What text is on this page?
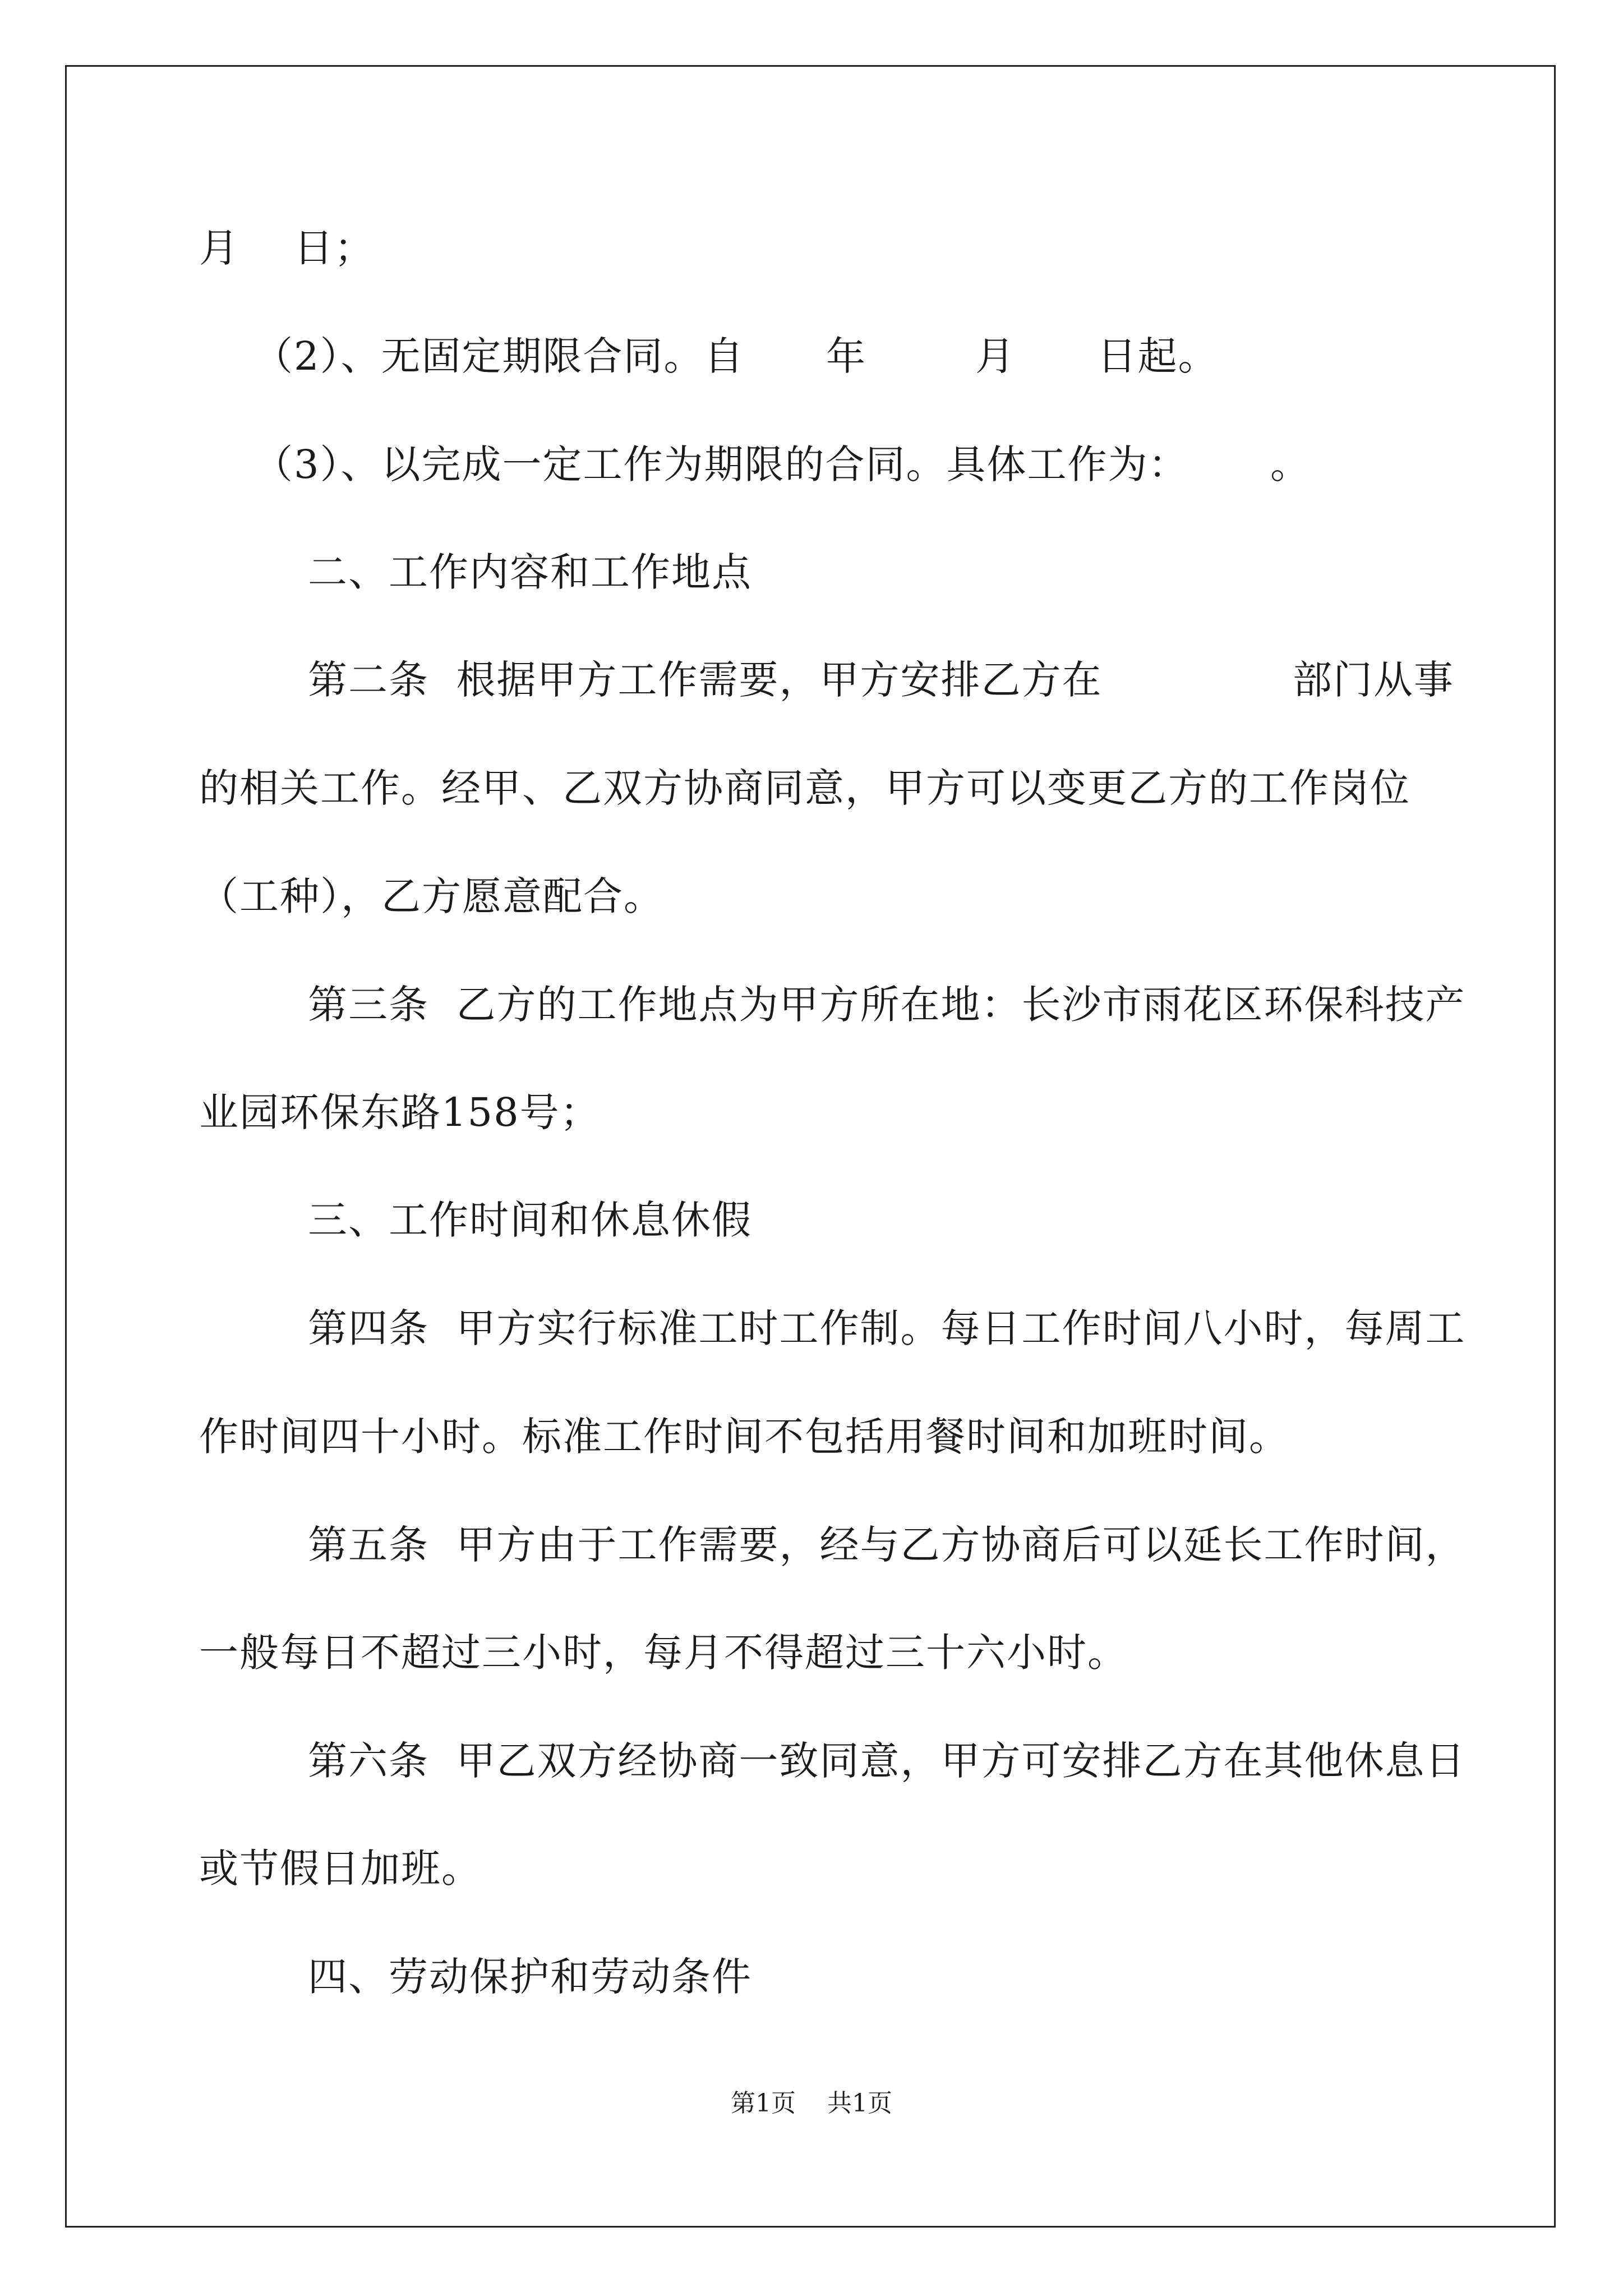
月    日；
（2）、无固定期限合同。自      年        月      日起。
（3）、以完成一定工作为期限的合同。具体工作为：      。
二、工作内容和工作地点
第二条  根据甲方工作需要，甲方安排乙方在              部门从事
的相关工作。经甲、乙双方协商同意，甲方可以变更乙方的工作岗位
（工种），乙方愿意配合。
第三条  乙方的工作地点为甲方所在地：长沙市雨花区环保科技产
业园环保东路158号；
三、工作时间和休息休假
第四条  甲方实行标准工时工作制。每日工作时间八小时，每周工
作时间四十小时。标准工作时间不包括用餐时间和加班时间。
第五条  甲方由于工作需要，经与乙方协商后可以延长工作时间，
一般每日不超过三小时，每月不得超过三十六小时。
第六条  甲乙双方经协商一致同意，甲方可安排乙方在其他休息日
或节假日加班。
四、劳动保护和劳动条件
第1页    共1页
